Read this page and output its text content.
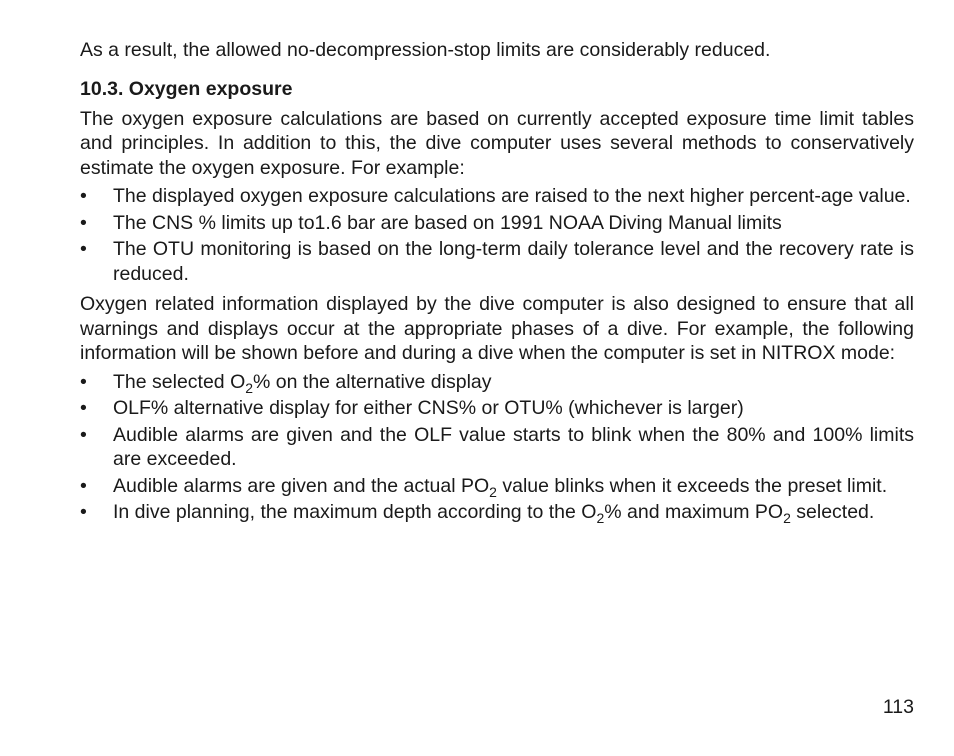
As a result, the allowed no-decompression-stop limits are considerably reduced.

10.3. Oxygen exposure

The oxygen exposure calculations are based on currently accepted exposure time limit tables and principles. In addition to this, the dive computer uses several methods to conservatively estimate the oxygen exposure. For example:

• The displayed oxygen exposure calculations are raised to the next higher percent-age value.
• The CNS % limits up to1.6 bar are based on 1991 NOAA Diving Manual limits
• The OTU monitoring is based on the long-term daily tolerance level and the recovery rate is reduced.

Oxygen related information displayed by the dive computer is also designed to ensure that all warnings and displays occur at the appropriate phases of a dive. For example, the following information will be shown before and during a dive when the computer is set in NITROX mode:

• The selected $O_2\%$ on the alternative display
• OLF% alternative display for either CNS% or OTU% (whichever is larger)
• Audible alarms are given and the OLF value starts to blink when the 80% and 100% limits are exceeded.
• Audible alarms are given and the actual $PO_2$ value blinks when it exceeds the preset limit.
• In dive planning, the maximum depth according to the $O_2\%$ and maximum $PO_2$ selected.
113
